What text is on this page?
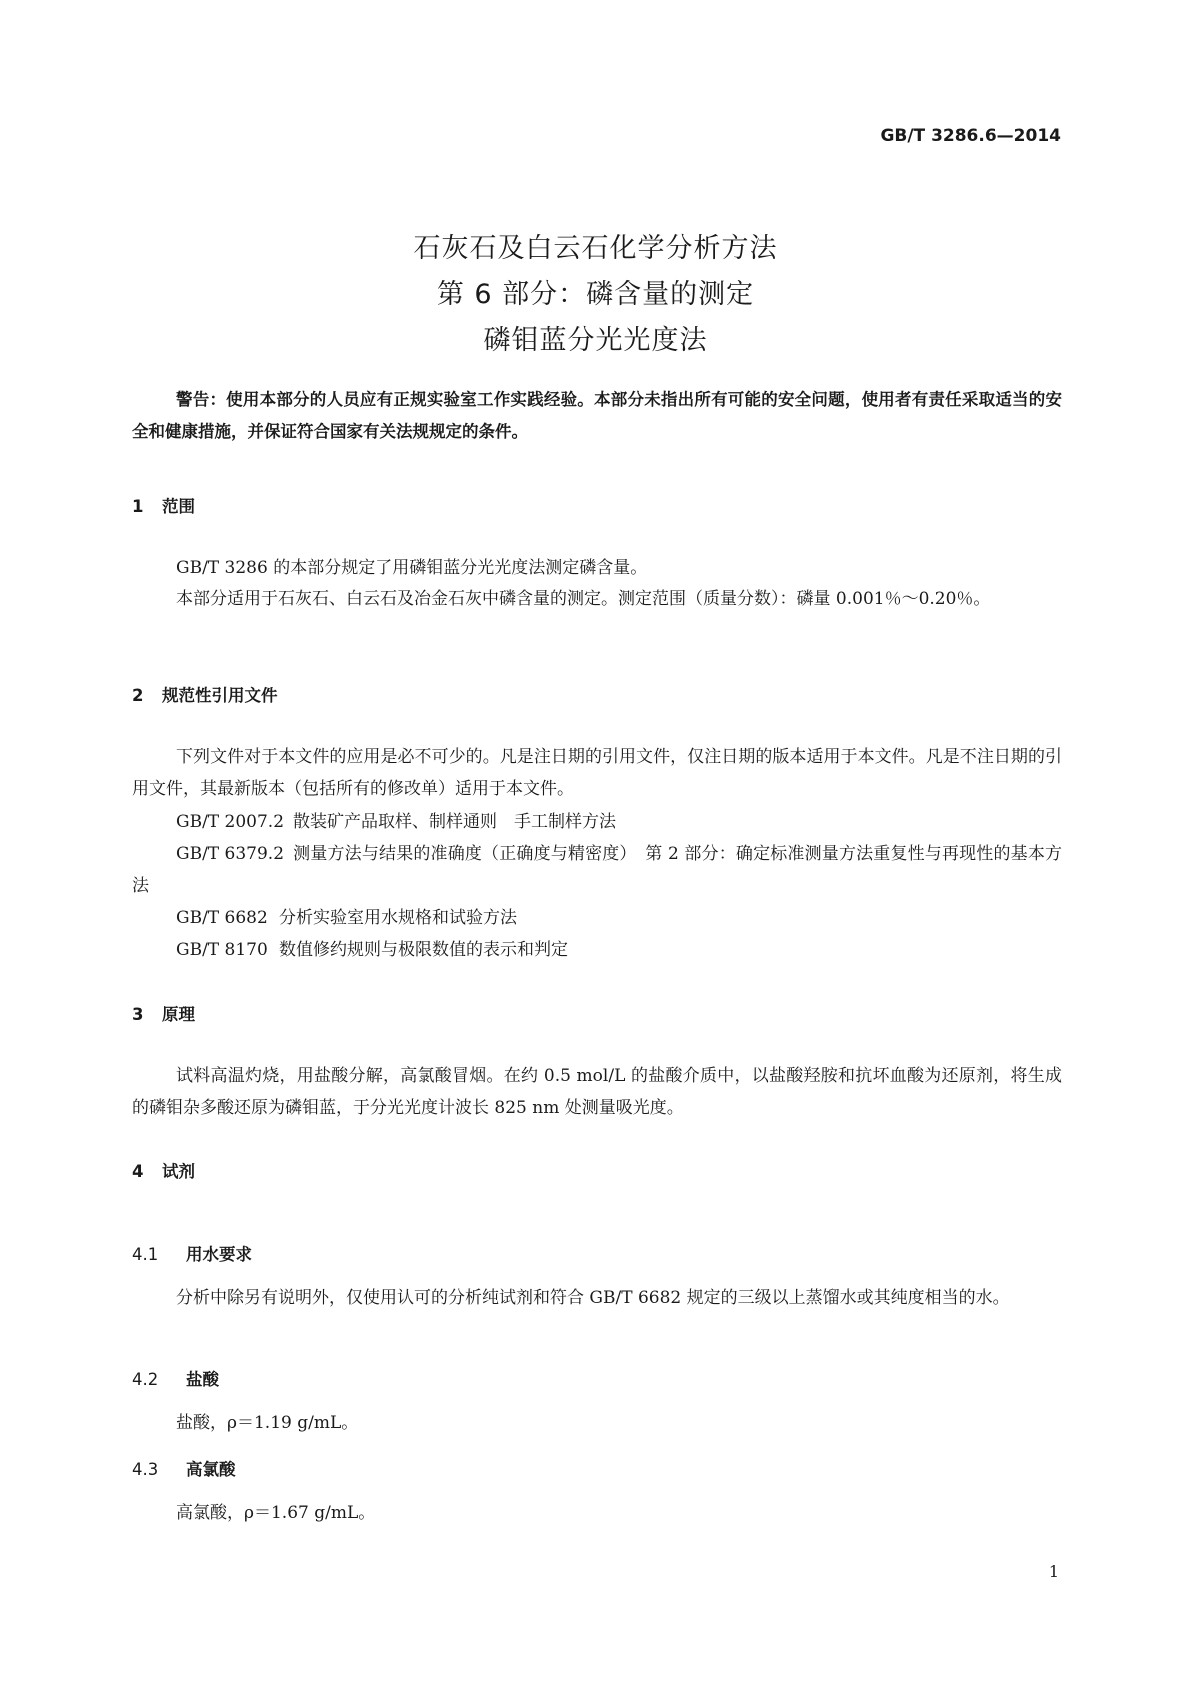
GB/T 3286.6—2014
石灰石及白云石化学分析方法
第 6 部分：磷含量的测定
磷钼蓝分光光度法
警告：使用本部分的人员应有正规实验室工作实践经验。本部分未指出所有可能的安全问题，使用者有责任采取适当的安全和健康措施，并保证符合国家有关法规规定的条件。
1 范围
GB/T 3286 的本部分规定了用磷钼蓝分光光度法测定磷含量。
本部分适用于石灰石、白云石及冶金石灰中磷含量的测定。测定范围（质量分数）：磷量 0.001％～0.20％。
2 规范性引用文件
下列文件对于本文件的应用是必不可少的。凡是注日期的引用文件，仅注日期的版本适用于本文件。凡是不注日期的引用文件，其最新版本（包括所有的修改单）适用于本文件。
GB/T 2007.2 散装矿产品取样、制样通则　手工制样方法
GB/T 6379.2 测量方法与结果的准确度（正确度与精密度）　第 2 部分：确定标准测量方法重复性与再现性的基本方法
GB/T 6682 分析实验室用水规格和试验方法
GB/T 8170 数值修约规则与极限数值的表示和判定
3 原理
试料高温灼烧，用盐酸分解，高氯酸冒烟。在约 0.5 mol/L 的盐酸介质中，以盐酸羟胺和抗坏血酸为还原剂，将生成的磷钼杂多酸还原为磷钼蓝，于分光光度计波长 825 nm 处测量吸光度。
4 试剂
4.1 用水要求
分析中除另有说明外，仅使用认可的分析纯试剂和符合 GB/T 6682 规定的三级以上蒸馏水或其纯度相当的水。
4.2 盐酸
盐酸，ρ＝1.19 g/mL。
4.3 高氯酸
高氯酸，ρ＝1.67 g/mL。
1
